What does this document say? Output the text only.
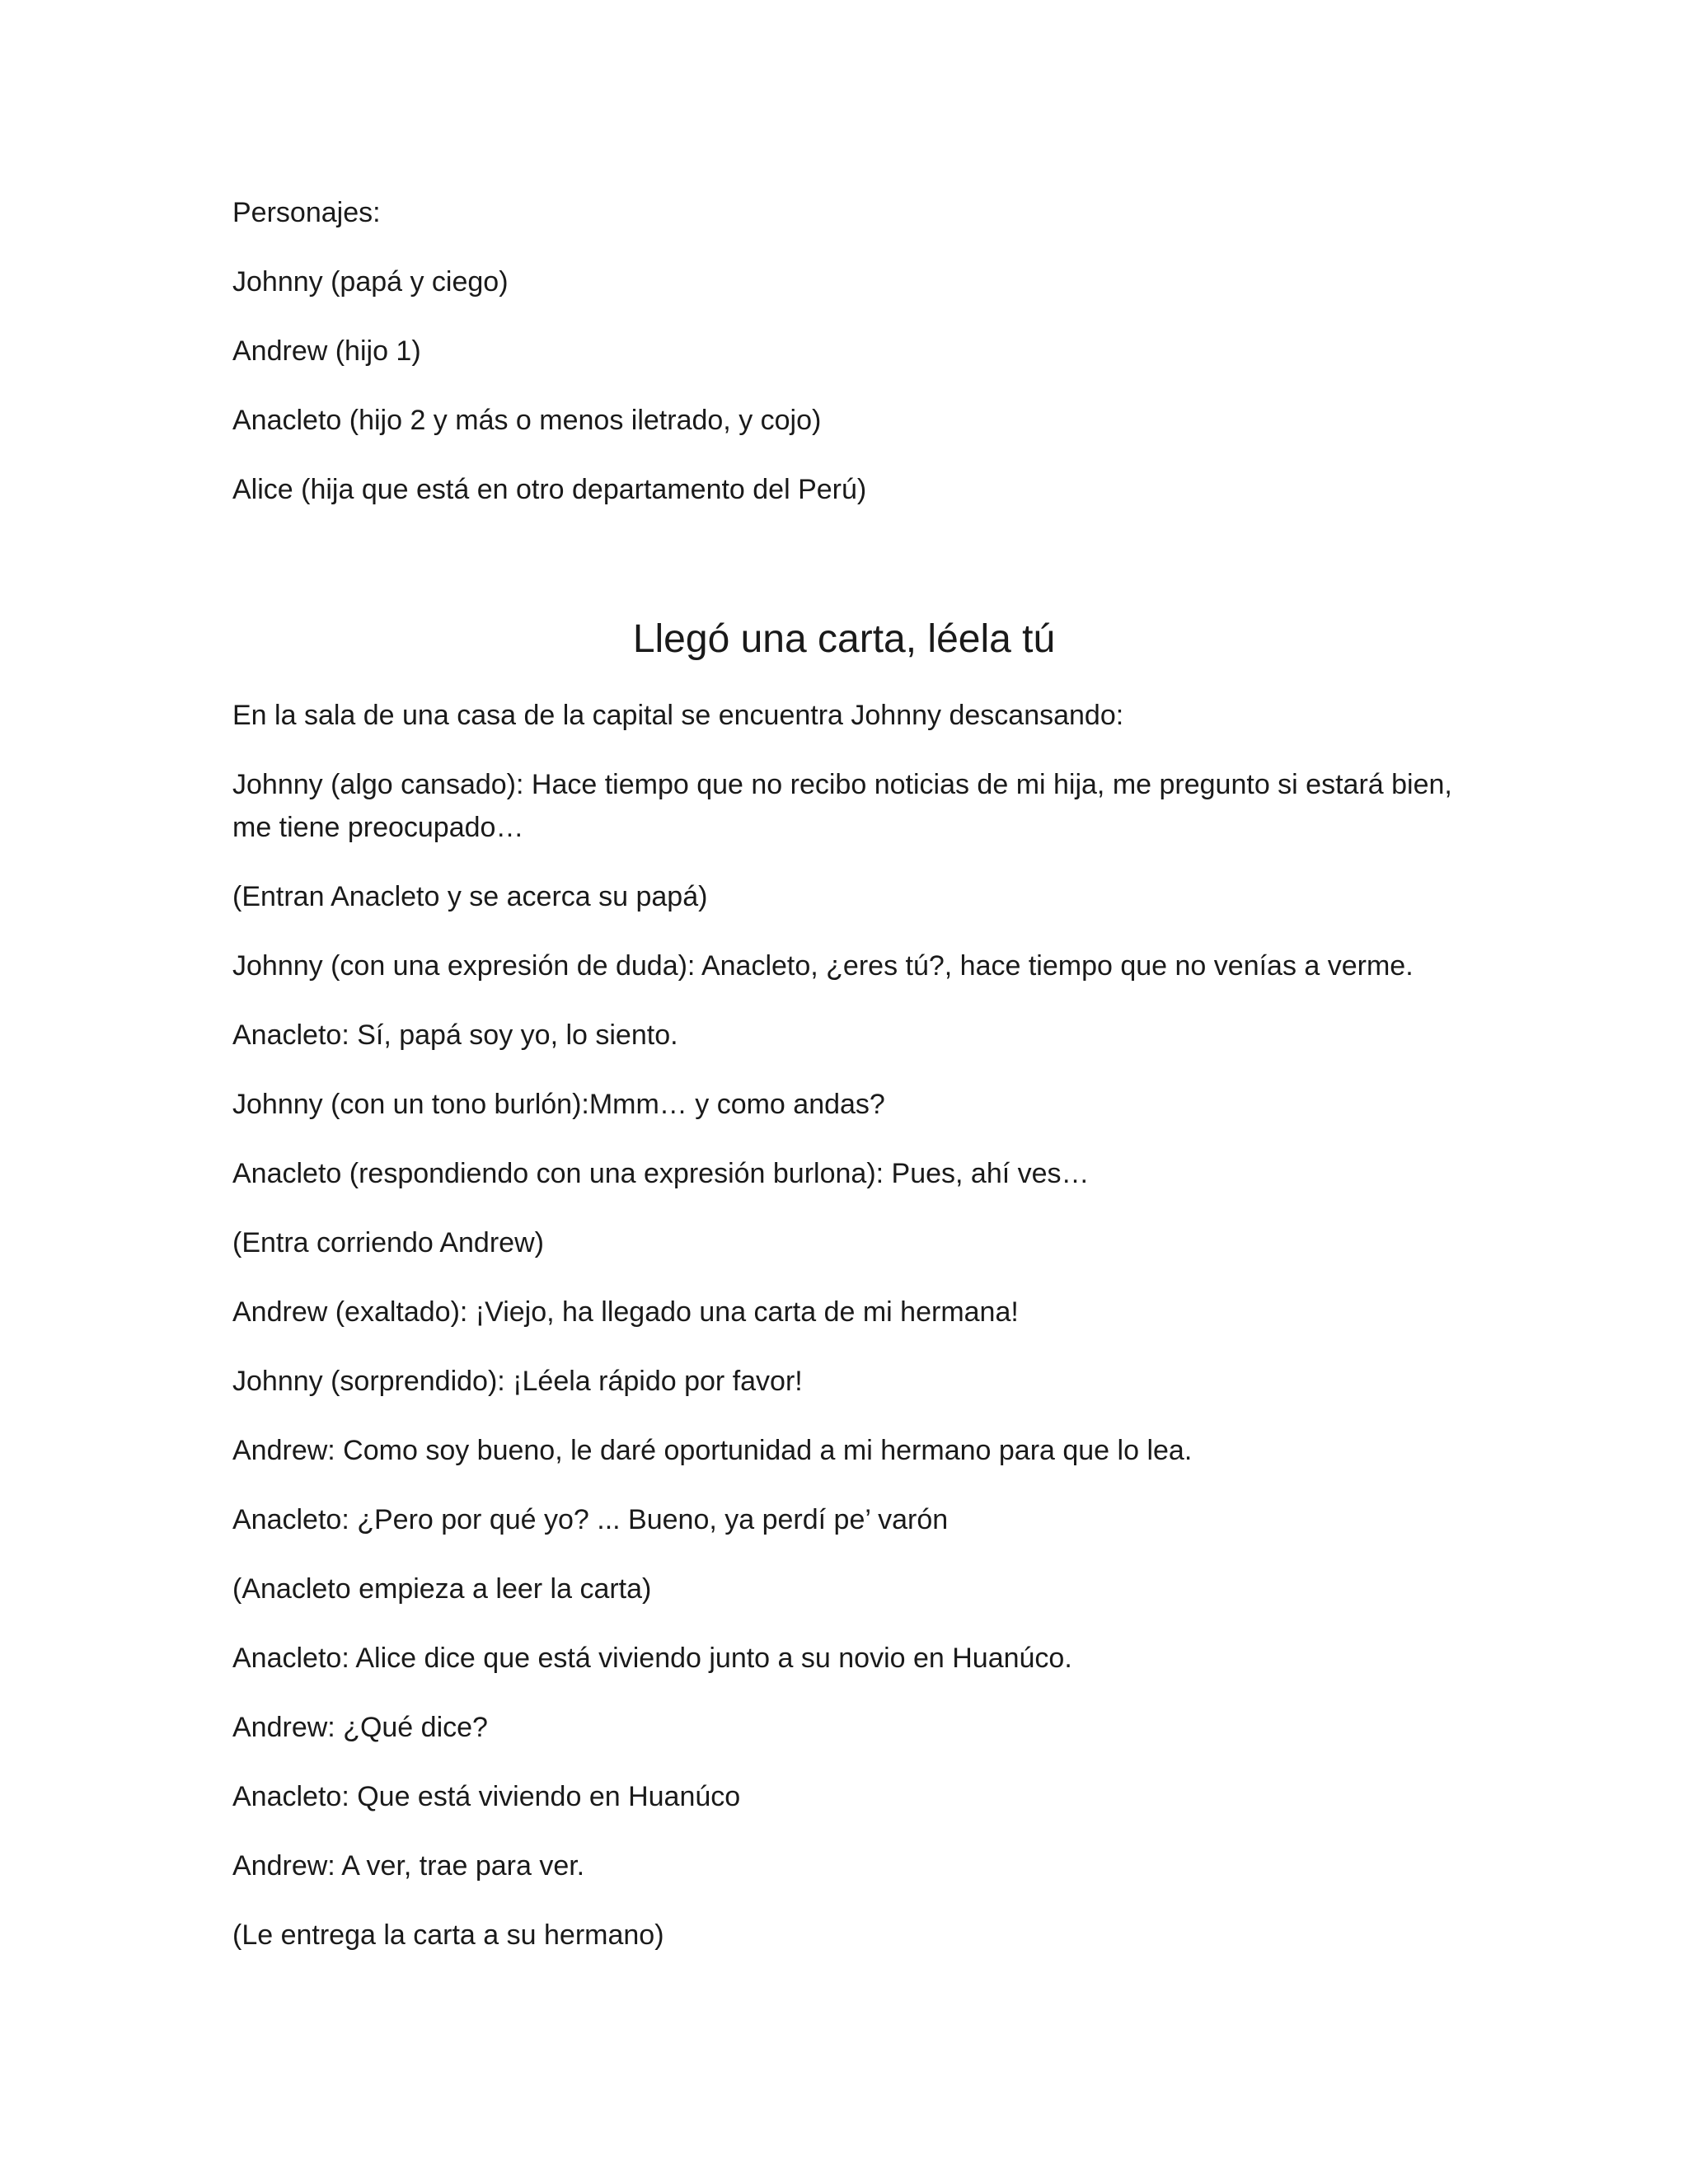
Personajes:
Johnny (papá y ciego)
Andrew (hijo 1)
Anacleto (hijo 2 y más o menos iletrado, y cojo)
Alice (hija que está en otro departamento del Perú)
Llegó una carta, léela tú
En la sala de una casa de la capital se encuentra Johnny descansando:
Johnny (algo cansado): Hace tiempo que no recibo noticias de mi hija, me pregunto si estará bien,
me tiene preocupado…
(Entran Anacleto y se acerca su papá)
Johnny (con una expresión de duda): Anacleto, ¿eres tú?, hace tiempo que no venías a verme.
Anacleto: Sí, papá soy yo, lo siento.
Johnny (con un tono burlón):Mmm… y como andas?
Anacleto (respondiendo con una expresión burlona): Pues, ahí ves…
(Entra corriendo Andrew)
Andrew (exaltado): ¡Viejo, ha llegado una carta de mi hermana!
Johnny (sorprendido): ¡Léela rápido por favor!
Andrew: Como soy bueno, le daré oportunidad a mi hermano para que lo lea.
Anacleto: ¿Pero por qué yo? ... Bueno, ya perdí pe’ varón
(Anacleto empieza a leer la carta)
Anacleto: Alice dice que está viviendo junto a su novio en Huanúco.
Andrew: ¿Qué dice?
Anacleto: Que está viviendo en Huanúco
Andrew: A ver, trae para ver.
(Le entrega la carta a su hermano)
